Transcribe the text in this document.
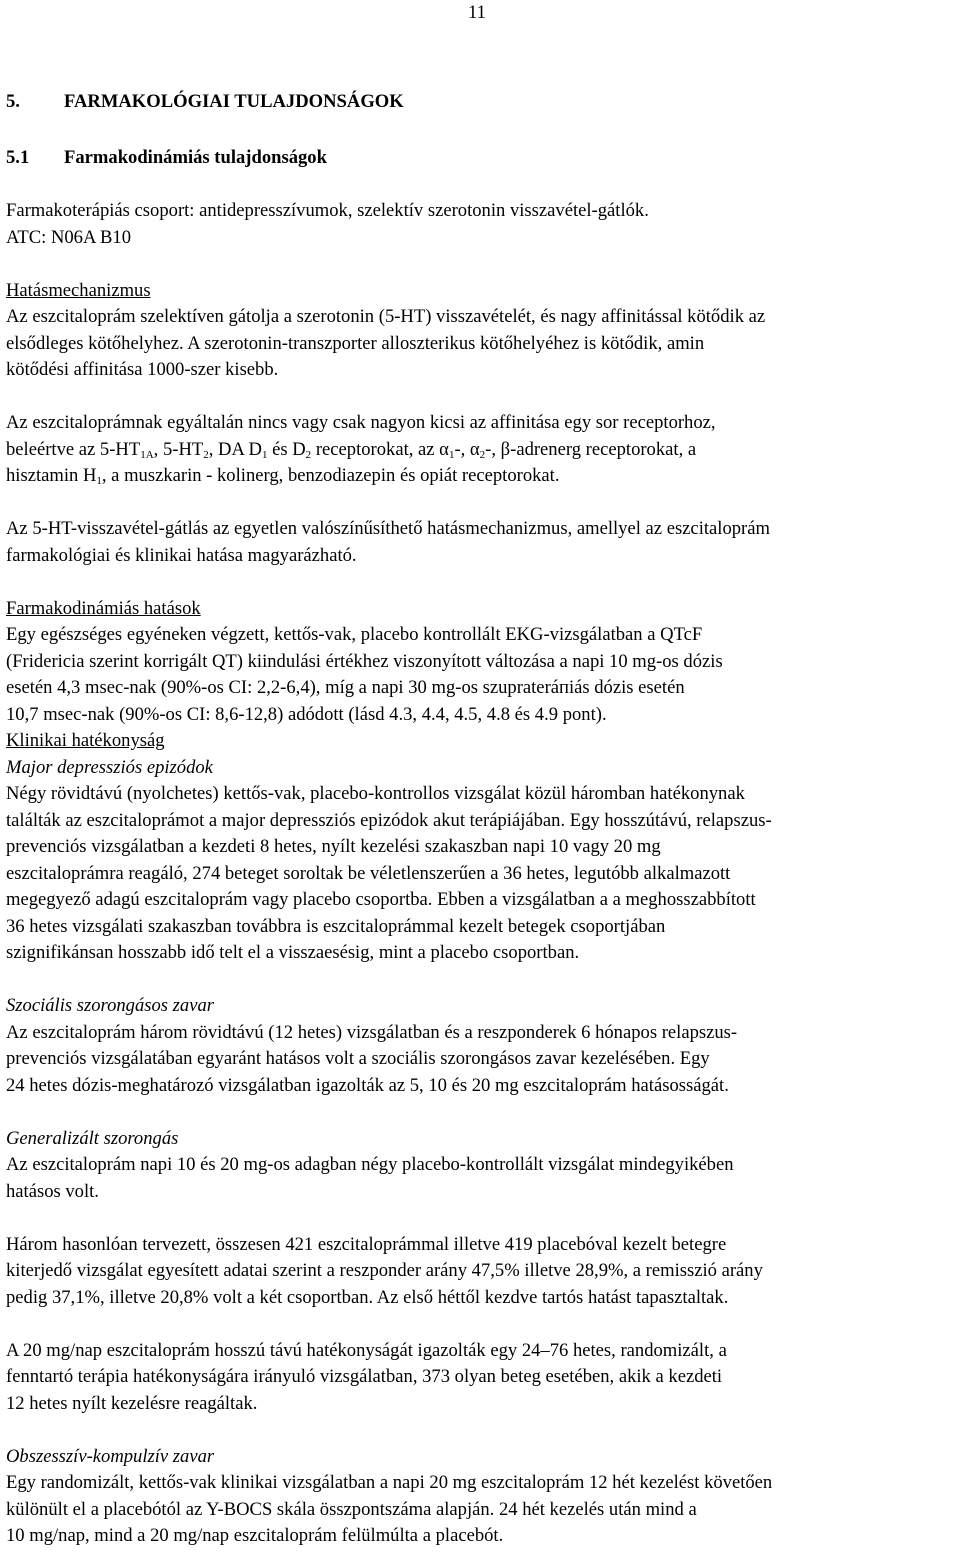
11
5. FARMAKOLÓGIAI TULAJDONSÁGOK
5.1 Farmakodinámiás tulajdonságok

Farmakoterápiás csoport: antidepresszívumok, szelektív szerotonin visszavétel-gátlók.

ATC: N06A B10

Hatásmechanizmus

Az eszcitaloprám szelektíven gátolja a szerotonin (5-HT) visszavételét, és nagy affinitással kötődik az

elsődleges kötőhelyhez. A szerotonin-transzporter alloszterikus kötőhelyéhez is kötődik, amin

kötődési affinitása 1000-szer kisebb.

Az eszcitaloprámnak egyáltalán nincs vagy csak nagyon kicsi az affinitása egy sor receptorhoz,

beleértve az $5-HT_{1A}$, $5-HT_2$, DA $D_1$ és $D_2$ receptorokat, az $\alpha_1-$, $\alpha_2-$, β-adrenerg receptorokat, a

hisztamin $H_1$, a muszkarin - kolinerg, benzodiazepin és opiát receptorokat.

Az 5-HT-visszavétel-gátlás az egyetlen valószínűsíthető hatásmechanizmus, amellyel az eszcitaloprám

farmakológiai és klinikai hatása magyarázható.

Farmakodinámiás hatások

Egy egészséges egyéneken végzett, kettős-vak, placebo kontrollált EKG-vizsgálatban a QTcF

(Fridericia szerint korrigált QT) kiindulási értékhez viszonyított változása a napi 10 mg-os dózis

esetén 4,3 msec-nak (90%-os CI: 2,2-6,4), míg a napi 30 mg-os szuprateráпiás dózis esetén

10,7 msec-nak (90%-os CI: 8,6-12,8) adódott (lásd 4.3, 4.4, 4.5, 4.8 és 4.9 pont).

Klinikai hatékonyság

Major depressziós epizódok

Négy rövidtávú (nyolchetes) kettős-vak, placebo-kontrollos vizsgálat közül háromban hatékonynak

találták az eszcitaloprámot a major depressziós epizódok akut terápiájában. Egy hosszútávú, relapszus-

prevenciós vizsgálatban a kezdeti 8 hetes, nyílt kezelési szakaszban napi 10 vagy 20 mg

eszcitaloprámra reagáló, 274 beteget soroltak be véletlenszerűen a 36 hetes, legutóbb alkalmazott

megegyező adagú eszcitaloprám vagy placebo csoportba. Ebben a vizsgálatban a a meghosszabbított

36 hetes vizsgálati szakaszban továbbra is eszcitaloprámmal kezelt betegek csoportjában

szignifikánsan hosszabb idő telt el a visszaesésig, mint a placebo csoportban.

Szociális szorongásos zavar

Az eszcitaloprám három rövidtávú (12 hetes) vizsgálatban és a reszponderek 6 hónapos relapszus-

prevenciós vizsgálatában egyaránt hatásos volt a szociális szorongásos zavar kezelésében. Egy

24 hetes dózis-meghatározó vizsgálatban igazolták az 5, 10 és 20 mg eszcitaloprám hatásosságát.

Generalizált szorongás

Az eszcitaloprám napi 10 és 20 mg-os adagban négy placebo-kontrollált vizsgálat mindegyikében

hatásos volt.

Három hasonlóan tervezett, összesen 421 eszcitaloprámmal illetve 419 placebóval kezelt betegre

kiterjedő vizsgálat egyesített adatai szerint a reszponder arány 47,5% illetve 28,9%, a remisszió arány

pedig 37,1%, illetve 20,8% volt a két csoportban. Az első héttől kezdve tartós hatást tapasztaltak.

A 20 mg/nap eszcitaloprám hosszú távú hatékonyságát igazolták egy 24–76 hetes, randomizált, a

fenntartó terápia hatékonyságára irányuló vizsgálatban, 373 olyan beteg esetében, akik a kezdeti

12 hetes nyílt kezelésre reagáltak.

Obszesszív-kompulzív zavar

Egy randomizált, kettős-vak klinikai vizsgálatban a napi 20 mg eszcitaloprám 12 hét kezelést követően

különült el a placebótól az Y-BOCS skála összpontszáma alapján. 24 hét kezelés után mind a

10 mg/nap, mind a 20 mg/nap eszcitaloprám felülmúlta a placebót.
